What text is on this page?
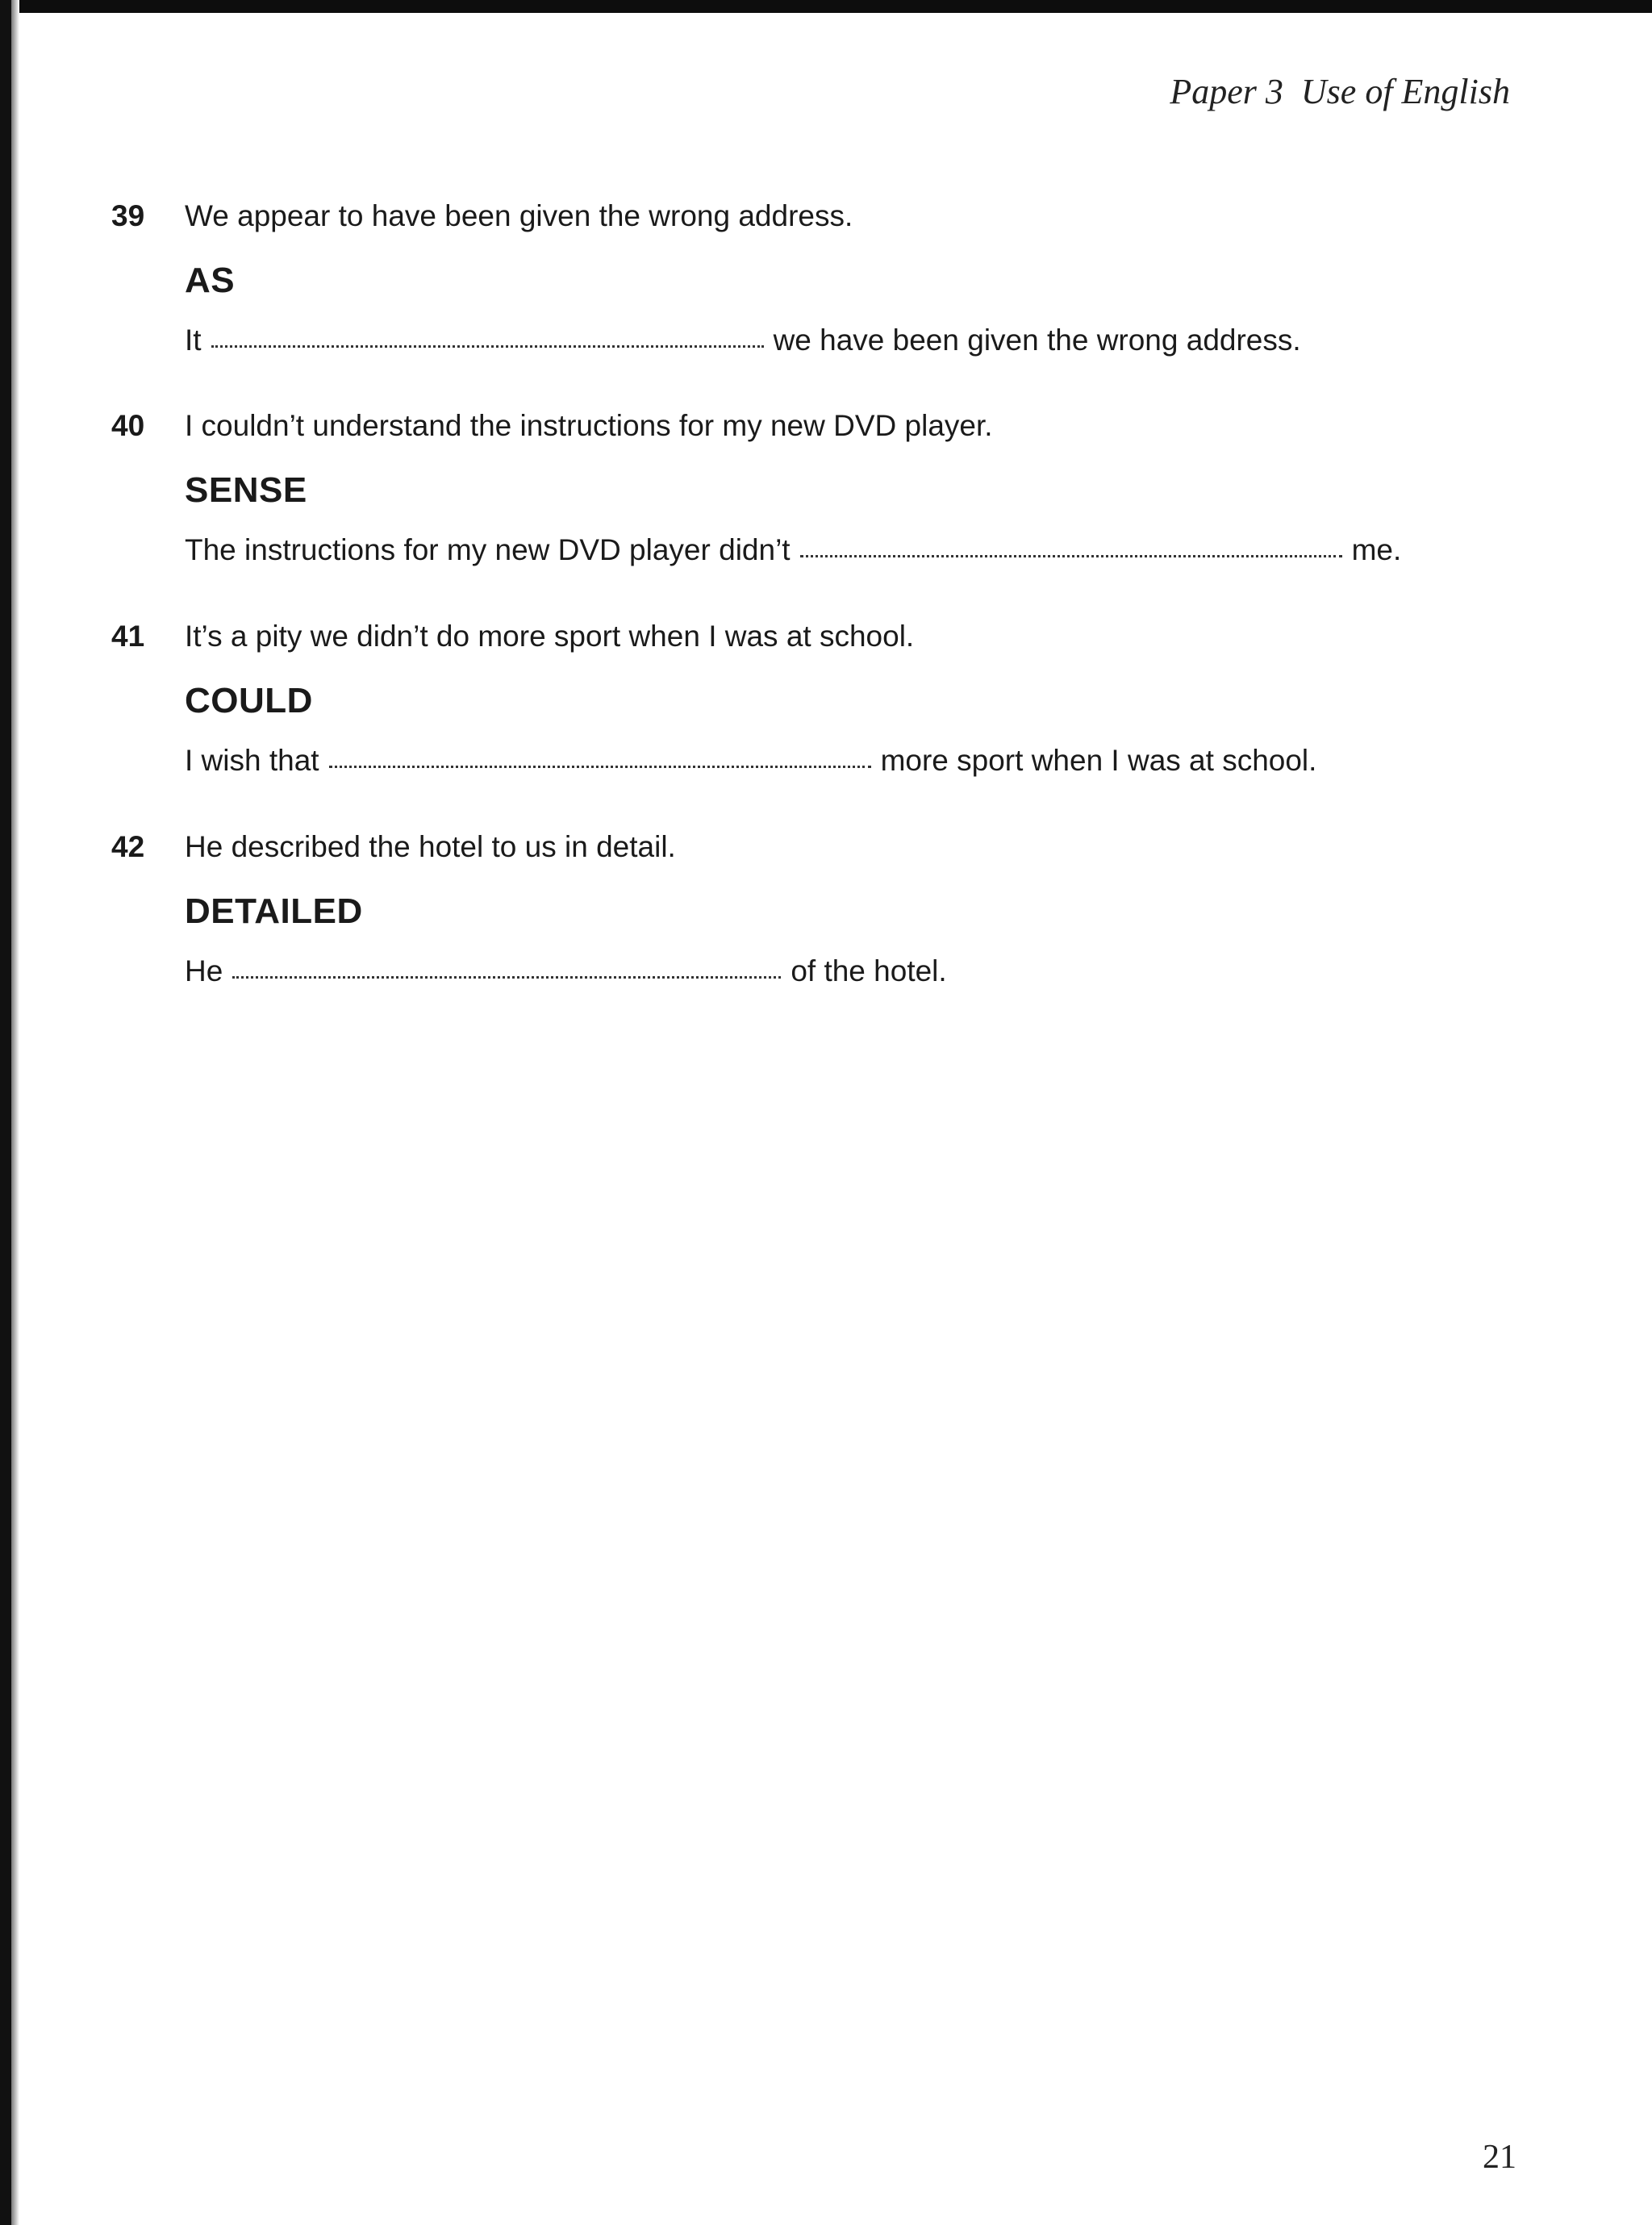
Paper 3 Use of English
39 We appear to have been given the wrong address.
AS
It	we have been given the wrong address.
40 I couldn’t understand the instructions for my new DVD player.
SENSE
The instructions for my new DVD player didn’t	me.
41 It’s a pity we didn’t do more sport when I was at school.
COULD
I wish that	more sport when I was at school.
42 He described the hotel to us in detail.
DETAILED
He	of the hotel.
21
